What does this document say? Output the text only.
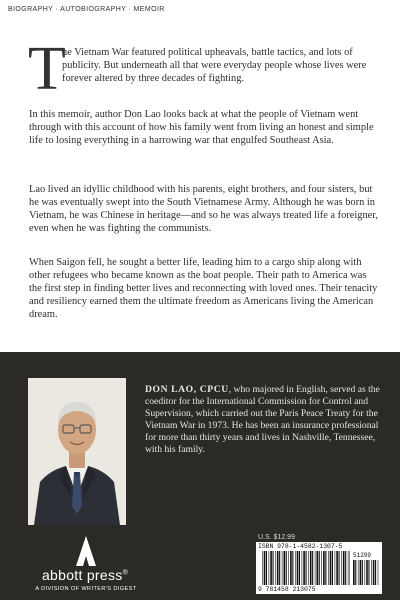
BIOGRAPHY · AUTOBIOGRAPHY · MEMOIR
T

he Vietnam War featured political upheavals, battle tactics, and lots of publicity. But underneath all that were everyday people whose lives were forever altered by three decades of fighting.

In this memoir, author Don Lao looks back at what the people of Vietnam went through with this account of how his family went from living an honest and simple life to losing everything in a harrowing war that engulfed Southeast Asia.

Lao lived an idyllic childhood with his parents, eight brothers, and four sisters, but he was eventually swept into the South Vietnamese Army. Although he was born in Vietnam, he was Chinese in heritage—and so he was always treated life a foreigner, even when he was fighting the communists.

When Saigon fell, he sought a better life, leading him to a cargo ship along with other refugees who became known as the boat people. Their path to America was the first step in finding better lives and reconnecting with loved ones. Their tenacity and resiliency earned them the ultimate freedom as Americans living the American dream.

DON LAO, CPCU, who majored in English, served as the coeditor for the International Commission for Control and Supervision, which carried out the Paris Peace Treaty for the Vietnam War in 1973. He has been an insurance professional for more than thirty years and lives in Nashville, Tennessee, with his family.

U.S. $12.99
ISBN 978-1-4582-1307-5
51299
9 781458 213075
abbott press®
A DIVISION OF WRITER'S DIGEST
